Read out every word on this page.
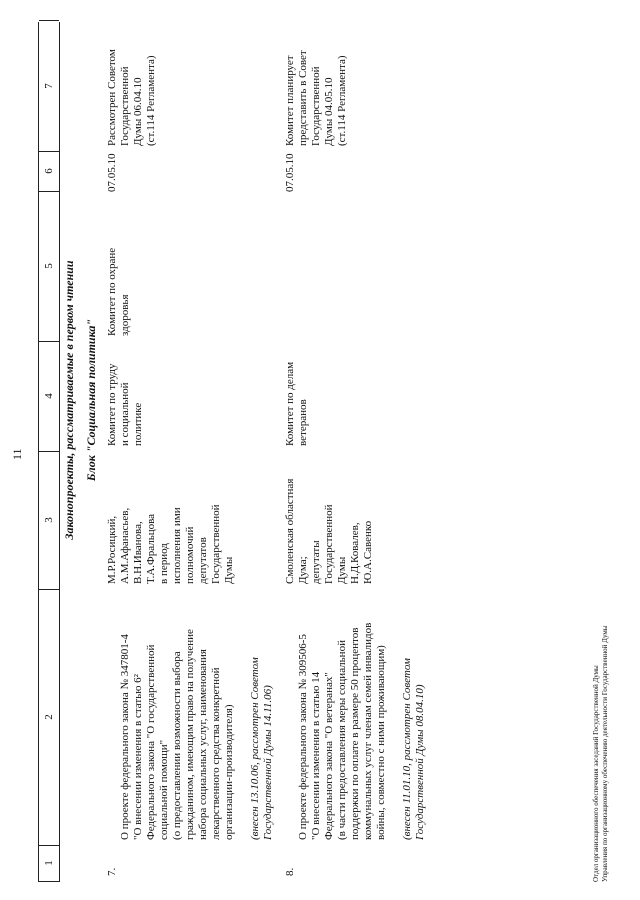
11
1
2
3
4
5
6
7
Законопроекты, рассматриваемые в первом чтении Блок "Социальная политика"
7.

О проекте федерального закона № 347801-4
"О внесении изменения в статью 6²
Федерального закона "О государственной
социальной помощи"
(о предоставлении возможности выбора
гражданином, имеющим право на получение
набора социальных услуг, наименования
лекарственного средства конкретной
организации-производителя) (внесен 13.10.06, рассмотрен Советом
Государственной Думы 14.11.06)

М.Р.Росицкий,
А.М.Афанасьев,
В.Н.Иванова,
Т.А.Фральцова
в период
исполнения ими
полномочий
депутатов
Государственной
Думы
Комитет по труду
и социальной
политике
Комитет по охране
здоровья
07.05.10
Рассмотрен Советом
Государственной
Думы 06.04.10
(ст.114 Регламента)
8.

О проекте федерального закона № 309506-5
"О внесении изменения в статью 14
Федерального закона "О ветеранах"
(в части предоставления меры социальной
поддержки по оплате в размере 50 процентов
коммунальных услуг членам семей инвалидов
войны, совместно с ними проживающим)

(внесен 11.01.10, рассмотрен Советом
Государственной Думы 08.04.10)

Смоленская областная
Дума;
депутаты
Государственной
Думы
Н.Д.Ковалев,
Ю.А.Савенко
Комитет по делам
ветеранов
07.05.10
Комитет планирует
представить в Совет
Государственной
Думы 04.05.10
(ст.114 Регламента)
Отдел организационного обеспечения заседаний Государственной Думы Управления по организационному обеспечению деятельности Государственной Думы
